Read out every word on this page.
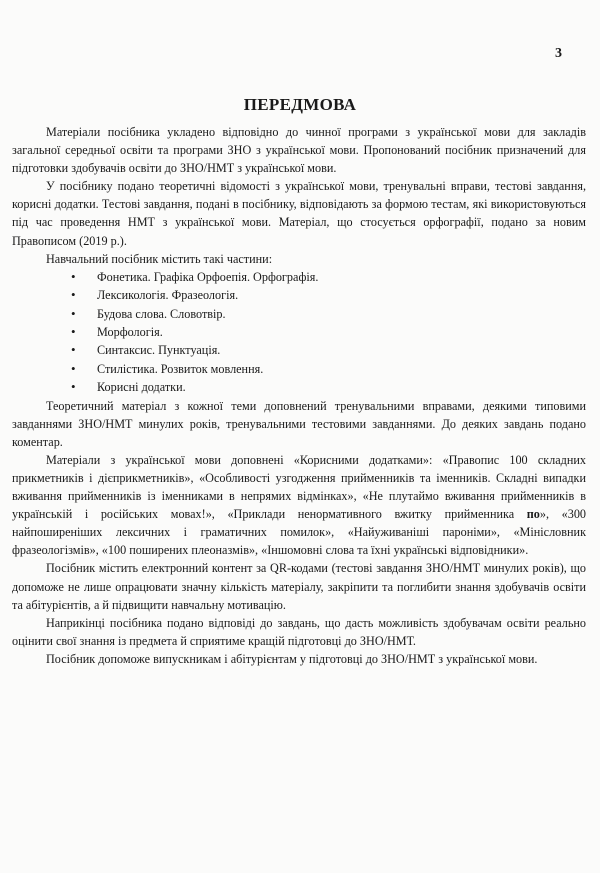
3
ПЕРЕДМОВА

Матеріали посібника укладено відповідно до чинної програми з української мови для закладів загальної середньої освіти та програми ЗНО з української мови. Пропонований посібник призначений для підготовки здобувачів освіти до ЗНО/НМТ з української мови.

У посібнику подано теоретичні відомості з української мови, тренувальні вправи, тестові завдання, корисні додатки. Тестові завдання, подані в посібнику, відповідають за формою тестам, які використовуються під час проведення НМТ з української мови. Матеріал, що стосується орфографії, подано за новим Правописом (2019 р.).

Навчальний посібник містить такі частини:

• Фонетика. Графіка Орфоепія. Орфографія.
• Лексикологія. Фразеологія.
• Будова слова. Словотвір.
• Морфологія.
• Синтаксис. Пунктуація.
• Стилістика. Розвиток мовлення.
• Корисні додатки.

Теоретичний матеріал з кожної теми доповнений тренувальними вправами, деякими типовими завданнями ЗНО/НМТ минулих років, тренувальними тестовими завданнями. До деяких завдань подано коментар.

Матеріали з української мови доповнені «Корисними додатками»: «Правопис 100 складних прикметників і дієприкметників», «Особливості узгодження прийменників та іменників. Складні випадки вживання прийменників із іменниками в непрямих відмінках», «Не плутаймо вживання прийменників в українській і російських мовах!», «Приклади ненормативного вжитку прийменника по», «300 найпоширеніших лексичних і граматичних помилок», «Найуживаніші пароніми», «Мінісловник фразеологізмів», «100 поширених плеоназмів», «Іншомовні слова та їхні українські відповідники».

Посібник містить електронний контент за QR-кодами (тестові завдання ЗНО/НМТ минулих років), що допоможе не лише опрацювати значну кількість матеріалу, закріпити та поглибити знання здобувачів освіти та абітурієнтів, а й підвищити навчальну мотивацію.

Наприкінці посібника подано відповіді до завдань, що дасть можливість здобувачам освіти реально оцінити свої знання із предмета й сприятиме кращій підготовці до ЗНО/НМТ.

Посібник допоможе випускникам і абітурієнтам у підготовці до ЗНО/НМТ з української мови.
